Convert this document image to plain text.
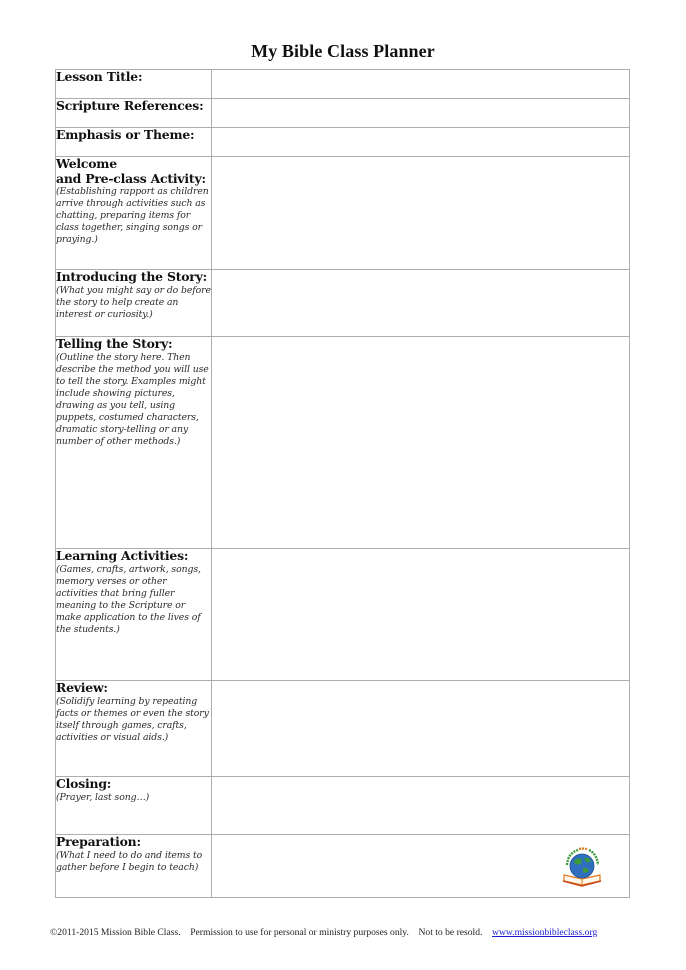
My Bible Class Planner
Lesson Title:	

Scripture References:	

Emphasis or Theme:	

Welcome
and Pre-class Activity:
(Establishing rapport as children arrive through activities such as chatting, preparing items for class together, singing songs or praying.)	

Introducing the Story:
(What you might say or do before the story to help create an interest or curiosity.)	

Telling the Story:
(Outline the story here. Then describe the method you will use to tell the story. Examples might include showing pictures, drawing as you tell, using puppets, costumed characters, dramatic story-telling or any number of other methods.)	

Learning Activities:
(Games, crafts, artwork, songs, memory verses or other activities that bring fuller meaning to the Scripture or make application to the lives of the students.)	

Review:
(Solidify learning by repeating facts or themes or even the story itself through games, crafts, activities or visual aids.)	

Closing:
(Prayer, last song…)	

Preparation:
(What I need to do and items to gather before I begin to teach)	

©2011-2015 Mission Bible Class. Permission to use for personal or ministry purposes only. Not to be resold. www.missionbibleclass.org
